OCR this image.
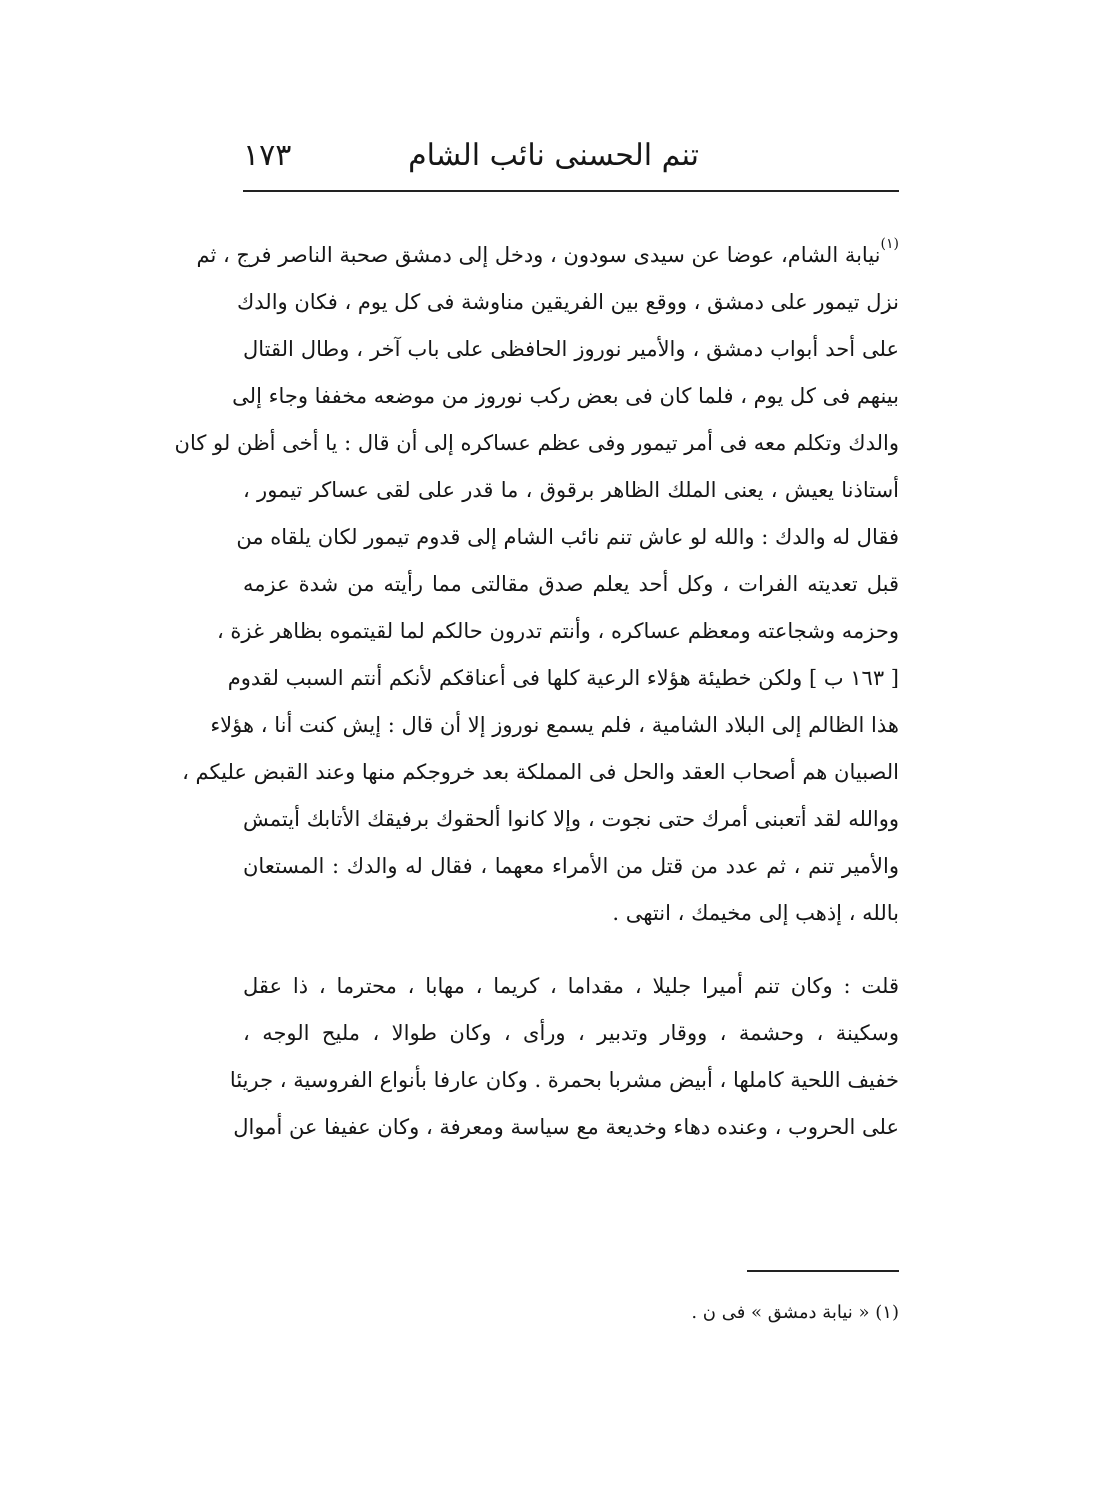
تنم الحسنى نائب الشام
١٧٣
$^{(١)}$نيابة الشام، عوضا عن سيدى سودون ، ودخل إلى دمشق صحبة الناصر فرج ، ثم
نزل تيمور على دمشق ، ووقع بين الفريقين مناوشة فى كل يوم ، فكان والدك
على أحد أبواب دمشق ، والأمير نوروز الحافظى على باب آخر ، وطال القتال
بينهم فى كل يوم ، فلما كان فى بعض ركب نوروز من موضعه مخففا وجاء إلى
والدك وتكلم معه فى أمر تيمور وفى عظم عساكره إلى أن قال : يا أخى أظن لو كان
أستاذنا يعيش ، يعنى الملك الظاهر برقوق ، ما قدر على لقى عساكر تيمور ،
فقال له والدك : والله لو عاش تنم نائب الشام إلى قدوم تيمور لكان يلقاه من
قبل تعديته الفرات ، وكل أحد يعلم صدق مقالتى مما رأيته من شدة عزمه
وحزمه وشجاعته ومعظم عساكره ، وأنتم تدرون حالكم لما لقيتموه بظاهر غزة ،
[ ١٦٣ ب ] ولكن خطيئة هؤلاء الرعية كلها فى أعناقكم لأنكم أنتم السبب لقدوم
هذا الظالم إلى البلاد الشامية ، فلم يسمع نوروز إلا أن قال : إيش كنت أنا ، هؤلاء
الصبيان هم أصحاب العقد والحل فى المملكة بعد خروجكم منها وعند القبض عليكم ،
ووالله لقد أتعبنى أمرك حتى نجوت ، وإلا كانوا ألحقوك برفيقك الأتابك أيتمش
والأمير تنم ، ثم عدد من قتل من الأمراء معهما ، فقال له والدك : المستعان
بالله ، إذهب إلى مخيمك ، انتهى .
قلت : وكان تنم أميرا جليلا ، مقداما ، كريما ، مهابا ، محترما ، ذا عقل
وسكينة ، وحشمة ، ووقار وتدبير ، ورأى ، وكان طوالا ، مليح الوجه ،
خفيف اللحية كاملها ، أبيض مشربا بحمرة . وكان عارفا بأنواع الفروسية ، جريئا
على الحروب ، وعنده دهاء وخديعة مع سياسة ومعرفة ، وكان عفيفا عن أموال
(١) « نيابة دمشق » فى ن .
